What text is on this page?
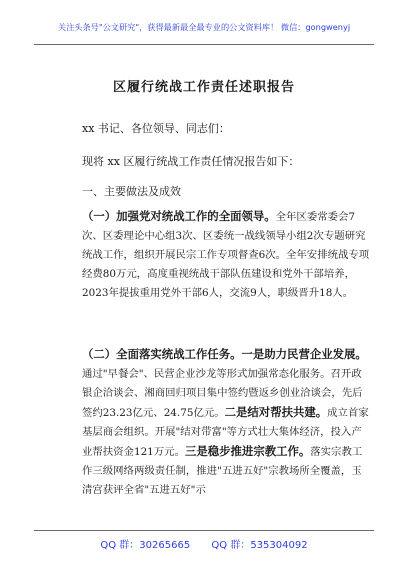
关注头条号"公文研究"，获得最新最全最专业的公文资料库！ 微信：gongwenyj
区履行统战工作责任述职报告
xx 书记、各位领导、同志们：
现将 xx 区履行统战工作责任情况报告如下：
一、主要做法及成效
（一）加强党对统战工作的全面领导。全年区委常委会7次、区委理论中心组3次、区委统一战线领导小组2次专题研究统战工作，组织开展民宗工作专项督查6次。全年安排统战专项经费80万元，高度重视统战干部队伍建设和党外干部培养，2023年提拔重用党外干部6人，交流9人，职级晋升18人。
（二）全面落实统战工作任务。一是助力民营企业发展。通过"早餐会"、民营企业沙龙等形式加强常态化服务。召开政银企洽谈会、湘商回归项目集中签约暨返乡创业洽谈会，先后签约23.23亿元、24.75亿元。二是结对帮扶共建。成立首家基层商会组织。开展"结对带富"等方式壮大集体经济，投入产业帮扶资金121万元。三是稳步推进宗教工作。落实宗教工作三级网络两级责任制，推进"五进五好"宗教场所全覆盖，玉清宫获评全省"五进五好"示
QQ 群：30265665 QQ 群：535304092
